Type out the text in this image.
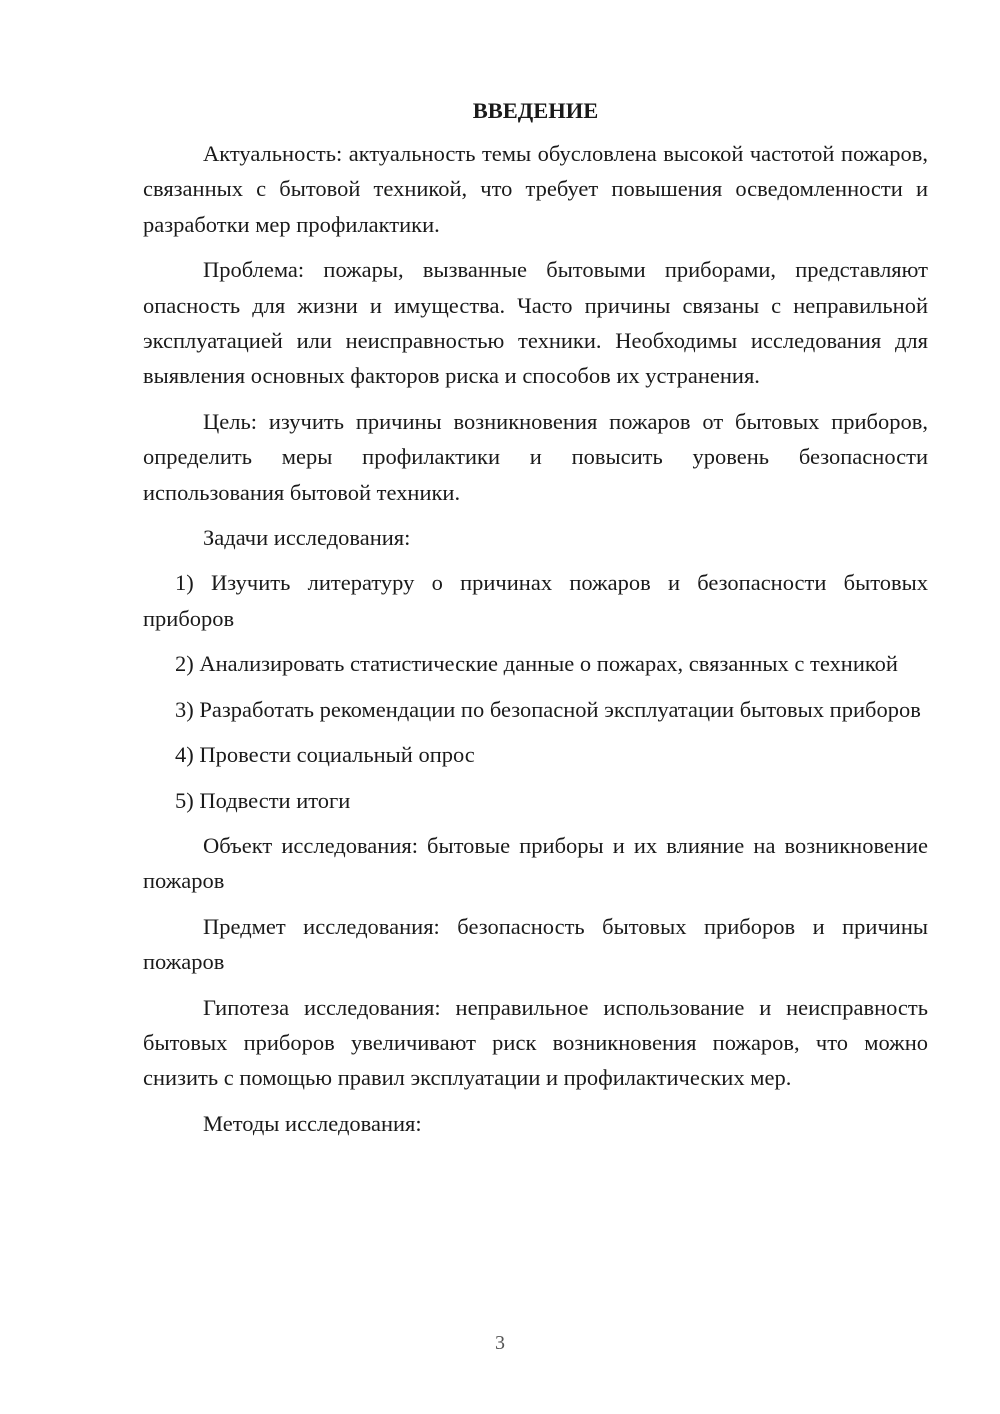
ВВЕДЕНИЕ

Актуальность: актуальность темы обусловлена высокой частотой пожаров, связанных с бытовой техникой, что требует повышения осведомленности и разработки мер профилактики.

Проблема: пожары, вызванные бытовыми приборами, представляют опасность для жизни и имущества. Часто причины связаны с неправильной эксплуатацией или неисправностью техники. Необходимы исследования для выявления основных факторов риска и способов их устранения.

Цель: изучить причины возникновения пожаров от бытовых приборов, определить меры профилактики и повысить уровень безопасности использования бытовой техники.

Задачи исследования:

1) Изучить литературу о причинах пожаров и безопасности бытовых приборов

2) Анализировать статистические данные о пожарах, связанных с техникой

3) Разработать рекомендации по безопасной эксплуатации бытовых приборов

4) Провести социальный опрос

5) Подвести итоги

Объект исследования: бытовые приборы и их влияние на возникновение пожаров

Предмет исследования: безопасность бытовых приборов и причины пожаров

Гипотеза исследования: неправильное использование и неисправность бытовых приборов увеличивают риск возникновения пожаров, что можно снизить с помощью правил эксплуатации и профилактических мер.

Методы исследования:

3
